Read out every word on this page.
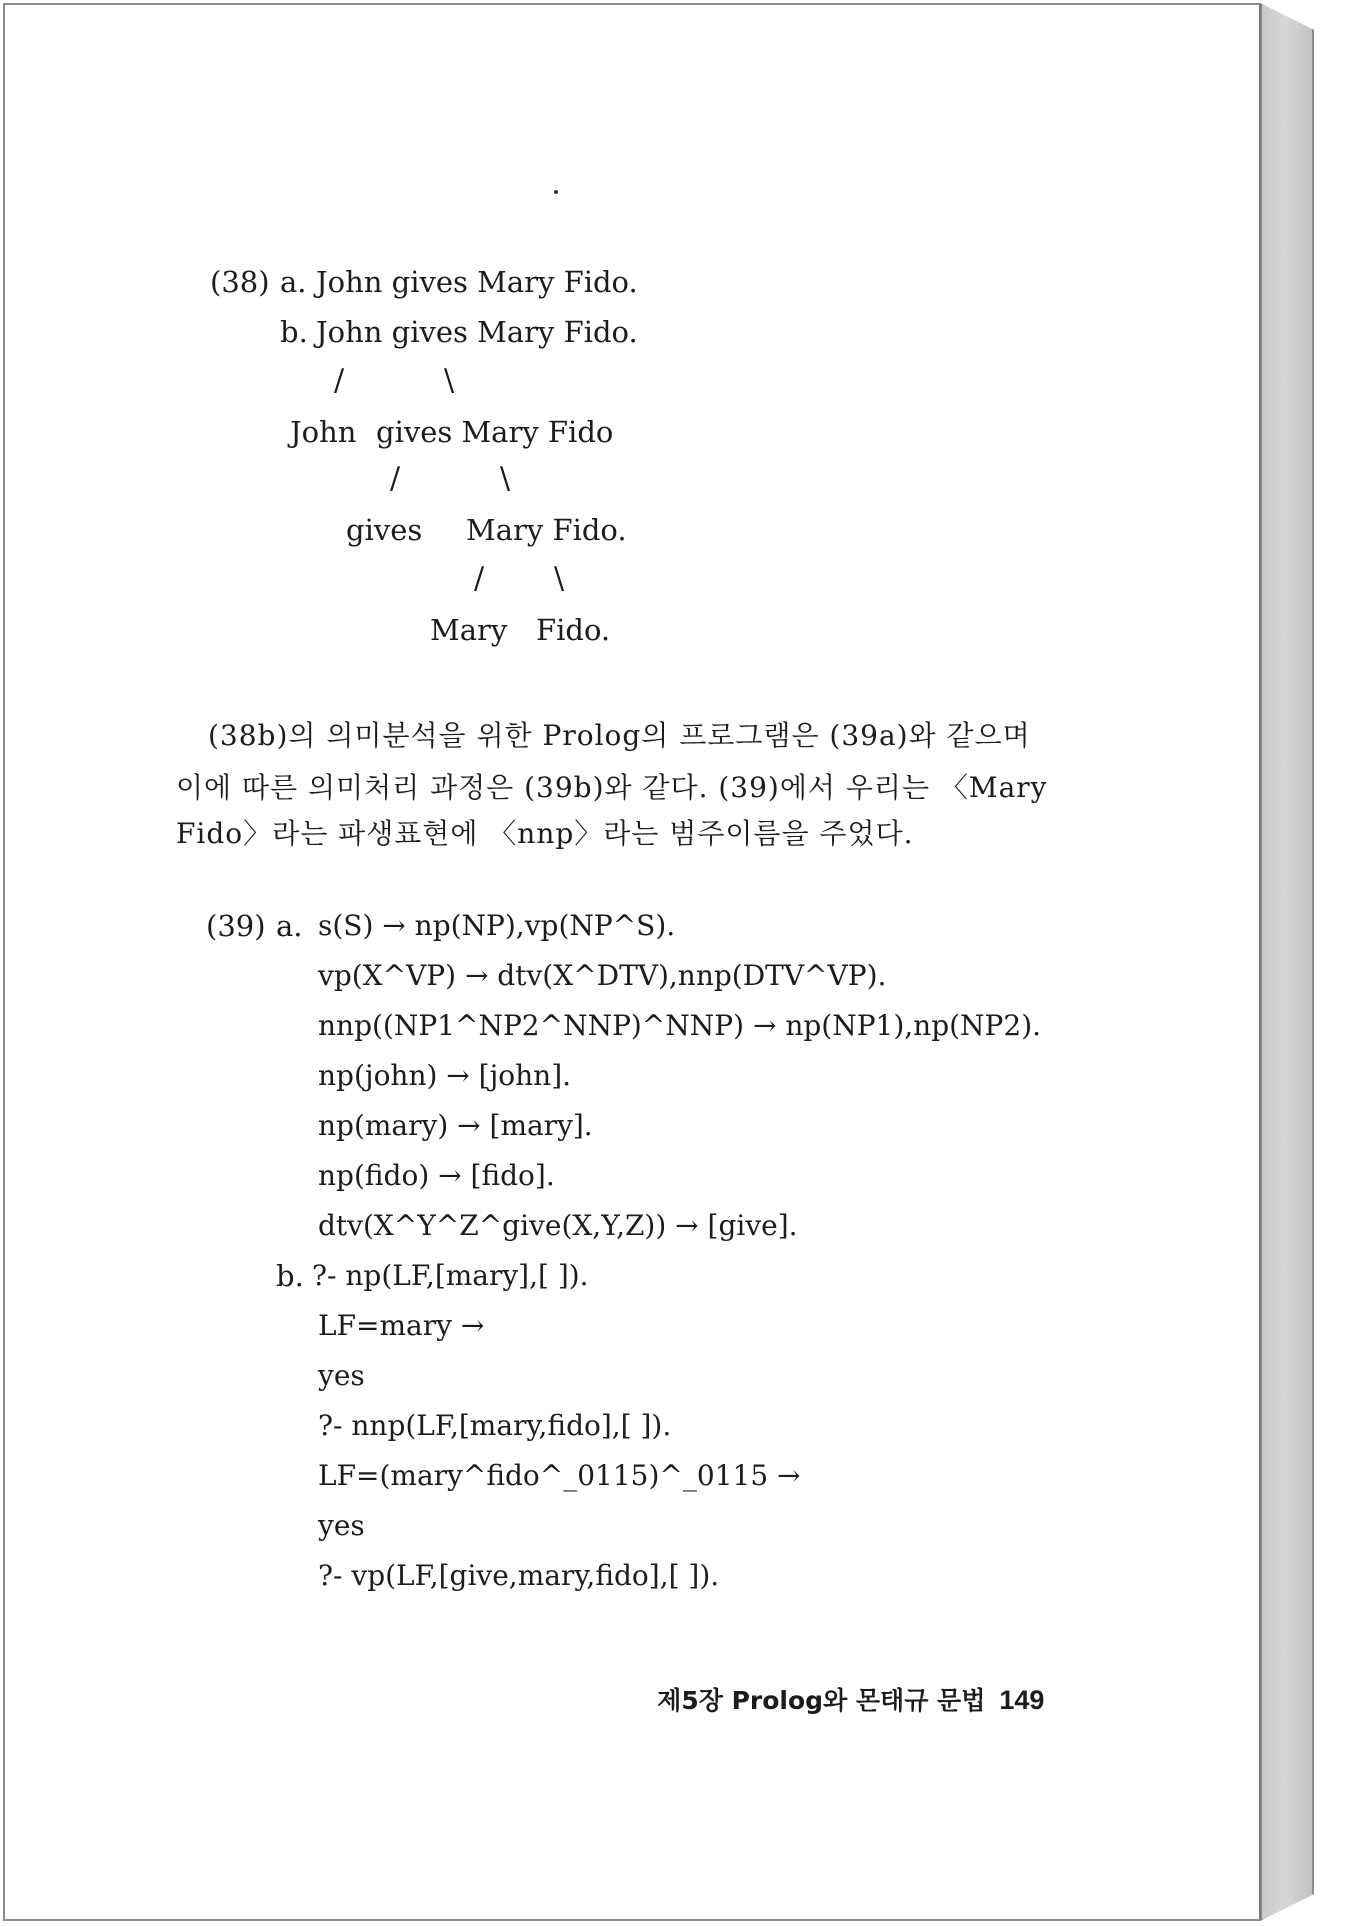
(38) a. John gives Mary Fido.
b. John gives Mary Fido.
/	\
John gives Mary Fido
/	\
gives Mary Fido.
/ \
Mary Fido.
(38b)의 의미분석을 위한 Prolog의 프로그램은 (39a)와 같으며
이에 따른 의미처리 과정은 (39b)와 같다. (39)에서 우리는 〈Mary
Fido〉라는 파생표현에 〈nnp〉라는 범주이름을 주었다.
(39) a. s(S) → np(NP),vp(NP^S).
vp(X^VP) → dtv(X^DTV),nnp(DTV^VP).
nnp((NP1^NP2^NNP)^NNP) → np(NP1),np(NP2).
np(john) → [john].
np(mary) → [mary].
np(fido) → [fido].
dtv(X^Y^Z^give(X,Y,Z)) → [give].
b. ?- np(LF,[mary],[ ]).
LF=mary →
yes
?- nnp(LF,[mary,fido],[ ]).
LF=(mary^fido^_0115)^_0115 →
yes
?- vp(LF,[give,mary,fido],[ ]).

제5장 Prolog와 몬태규 문법 149
